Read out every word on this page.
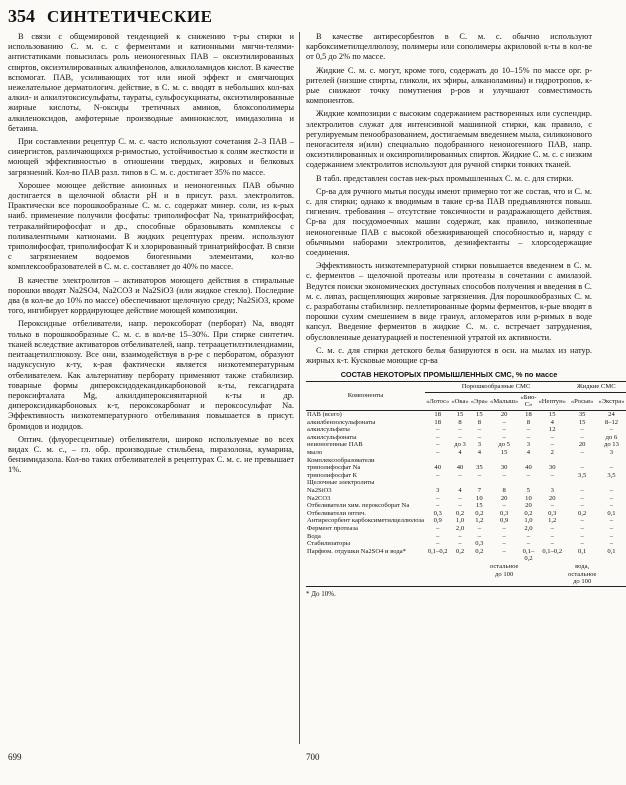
354 СИНТЕТИЧЕСКИЕ

В связи с общемировой тенденцией к снижению т-ры стирки и использованию С. м. с. с ферментами и катионными мягчи-телями-антистатиками повысилась роль неионогенных ПАВ – оксиэтилированных спиртов, оксиэтилированных алкилфенолов, алкилоламидов кислот. В качестве вспомогат. ПАВ, усиливающих тот или иной эффект и смягчающих нежелательное дерматологич. действие, в С. м. с. вводят в небольших кол-вах алкил- и алкилэтоксисульфаты, таураты, сульфосукцинаты, оксиэтилированные жирные кислоты, N-оксиды третичных аминов, блоксополимеры алкиленоксидов, амфотерные производные аминокислот, имидазолина и бетаина.

При составлении рецептур С. м. с. часто используют сочетания 2–3 ПАВ – синергистов, различающихся р-римостью, устойчивостью к солям жесткости и моющей эффективностью в отношении твердых, жировых и белковых загрязнений. Кол-во ПАВ разл. типов в С. м. с. достигает 35% по массе.

Хорошее моющее действие анионных и неионогенных ПАВ обычно достигается в щелочной области pH и в присут. разл. электролитов. Практически все порошкообразные С. м. с. содержат минер. соли, из к-рых наиб. применение получили фосфаты: триполифосфат Na, тринатрийфосфат, тетракалийпирофосфат и др., способные образовывать комплексы с поливалентными катионами. В жидких рецептурах преим. используют триполифосфат, триполифосфат К и хлорированный тринатрийфосфат. В связи с загрязнением водоемов биогенными элементами, кол-во комплексообразователей в С. м. с. составляет до 40% по массе.

В качестве электролитов – активаторов моющего действия в стиральные порошки вводят Na2SO4, Na2CO3 и Na2SiO3 (или жидкое стекло). Последние два (в кол-ве до 10% по массе) обеспечивают щелочную среду; Na2SiO3, кроме того, ингибирует коррдирующее действие моющей композиции.

Пероксидные отбеливатели, напр. пероксоборат (перборат) Na, вводят только в порошкообразные С. м. с. в кол-ве 15–30%. При стирке синтетич. тканей вследствие активаторов отбеливателей, напр. тетраацетилэтилендиамин, пентаацетилглюкозу. Все они, взаимодействуя в р-ре с пербоpатом, образуют надуксусную к-ту, к-рая фактически является низкотемпературным отбеливателем. Как альтернативу пербоpату применяют также стабилизир. товарные формы дипероксидодекандикарбоновой к-ты, гексагидрата пероксифталата Mg, алкилдипероксиянтарной к-ты и др. дипероксидикарбоновых к-т, пероксокарбонат и пероксосульфат Na. Эффективность низкотемпературного отбеливания повышается в присут. бромидов и иодидов.

Оптич. (флуоресцентные) отбеливатели, широко используемые во всех видах С. м. с., – гл. обр. производные стильбена, пиразолона, кумарина, бензимидазола. Кол-во таких отбеливателей в рецептурах С. м. с. не превышает 1%.

В качестве антиресорбентов в С. м. с. обычно используют карбоксиметилцеллюлозу, полимеры или сополимеры акриловой к-ты в кол-ве от 0,5 до 2% по массе.

Жидкие С. м. с. могут, кроме того, содержать до 10–15% по массе орг. р-рителей (низшие спирты, гликоли, их эфиры, алканоламины) и гидротропов, к-рые снижают точку помутнения р-ров и улучшают совместимость компонентов.

Жидкие композиции с высоким содержанием растворенных или суспендир. электролитов служат для интенсивной машинной стирки, как правило, с регулируемым пенообразованием, достигаемым введением мыла, силиконового пеногасителя и(или) специально подобранного неионогенного ПАВ, напр. оксиэтилированных и оксипропилированных спиртов. Жидкие С. м. с. с низким содержанием электролитов используют для ручной стирки тонких тканей.

В табл. представлен состав нек-рых промышленных С. м. с. для стирки.

Ср-ва для ручного мытья посуды имеют примерно тот же состав, что и С. м. с. для стирки; однако к вводимым в такие ср-ва ПАВ предъявляются повыш. гигиенич. требования – отсутствие токсичности и раздражающего действия. Ср-ва для посудомоечных машин содержат, как правило, низкопенные неионогенные ПАВ с высокой обезжиривающей способностью и, наряду с обычными наборами электролитов, дезинфектанты – хлорсодержащие соединения.

Эффективность низкотемпературной стирки повышается введением в С. м. с. ферментов – щелочной протеазы или протеазы в сочетании с амилазой. Ведутся поиски экономических доступных способов получения и введения в С. м. с. липаз, расщепляющих жировые загрязнения. Для порошкообразных С. м. с. разработаны стабилизир. пеллетированные формы ферментов, к-рые вводят в порошки сухим смешением в виде гранул, агломератов или р-римых в воде капсул. Введение ферментов в жидкие С. м. с. встречает затруднения, обусловленные денатурацией и постепенной утратой их активности.

С. м. с. для стирки детского белья базируются в осн. на мылах из натур. жирных к-т. Кусковые моющие ср-ва

СОСТАВ НЕКОТОРЫХ ПРОМЫШЛЕННЫХ СМС, % по массе
Компоненты	Порошкообразные СМС						Жидкие СМС	
	«Лотос»	«Ока»	«Эра»	«Малыш»	«Био-С»	«Нептун»	«Росьв»	«Экстра»
ПАВ (всего)	18	15	15	20	18	15	35	24
алкилбензолсульфонаты	18	8	8	–	8	4	15	8–12
алкилсульфаты	–	–	–	–	–	12	–	–
алкилсульфонаты	–	–	–	–	–	–	–	до 6
неионогенные ПАВ	–	до 3	3	до 5	3	–	20	до 13
мыло	–	4	4	15	4	2	–	3
Комплексообразователи								
триполифосфат Na	40	40	35	30	40	30	–	–
триполифосфат К	–	–	–	–	–	–	3,5	3,5
Щелочные электролиты								
Na2SiO3	3	4	7	8	5	3	–	–
Na2CO3	–	–	10	20	10	20	–	–
Отбеливатели хим. пероксоборат Na	–	–	15	–	20	–	–	–
Отбеливатели оптич.	0,3	0,2	0,2	0,3	0,2	0,3	0,2	0,1
Антиресорбент карбоксиметилцеллюлоза	0,9	1,0	1,2	0,9	1,0	1,2	–	–
Фермент протеаза	–	2,0	–	–	2,0	–	–	–
Вода	–	–	–	–	–	–	–	–
Стабилизаторы	–	–	0,3	–	–	–	–	–
Парфюм. отдушки Na2SO4 и вода*	0,1–0,2	0,2	0,2	–	0,1–0,2	0,1–0,2	0,1	0,1
				остальное до 100			вода, остальное до 100	
* До 10%.
699	700
